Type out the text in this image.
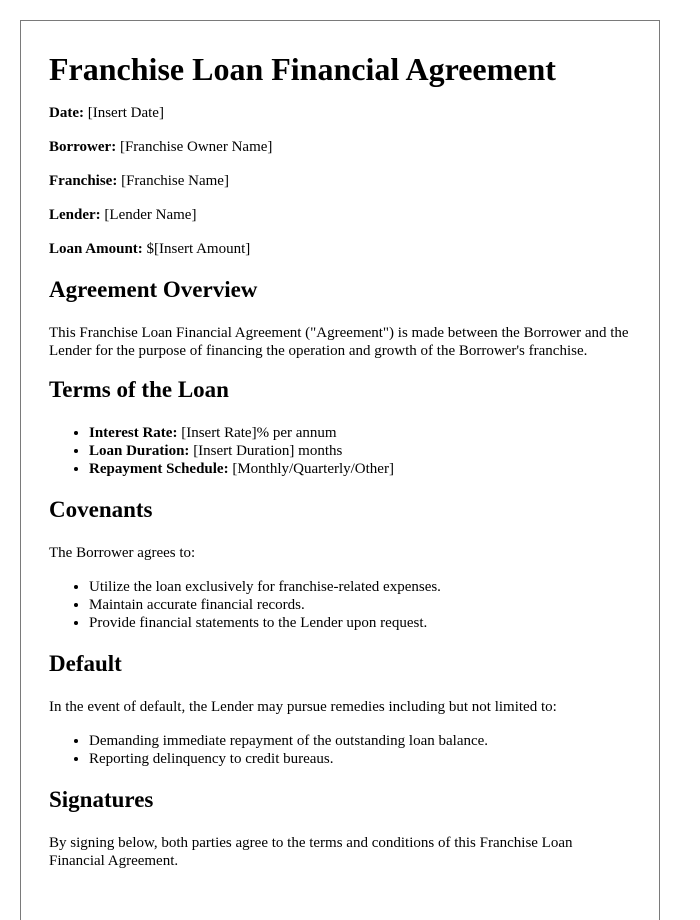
Franchise Loan Financial Agreement

Date: [Insert Date]

Borrower: [Franchise Owner Name]

Franchise: [Franchise Name]

Lender: [Lender Name]

Loan Amount: $[Insert Amount]

Agreement Overview

This Franchise Loan Financial Agreement ("Agreement") is made between the Borrower and the Lender for the purpose of financing the operation and growth of the Borrower's franchise.

Terms of the Loan
• Interest Rate: [Insert Rate]% per annum
• Loan Duration: [Insert Duration] months
• Repayment Schedule: [Monthly/Quarterly/Other]
Covenants

The Borrower agrees to:

• Utilize the loan exclusively for franchise-related expenses.
• Maintain accurate financial records.
• Provide financial statements to the Lender upon request.
Default

In the event of default, the Lender may pursue remedies including but not limited to:

• Demanding immediate repayment of the outstanding loan balance.
• Reporting delinquency to credit bureaus.
Signatures

By signing below, both parties agree to the terms and conditions of this Franchise Loan Financial Agreement.
